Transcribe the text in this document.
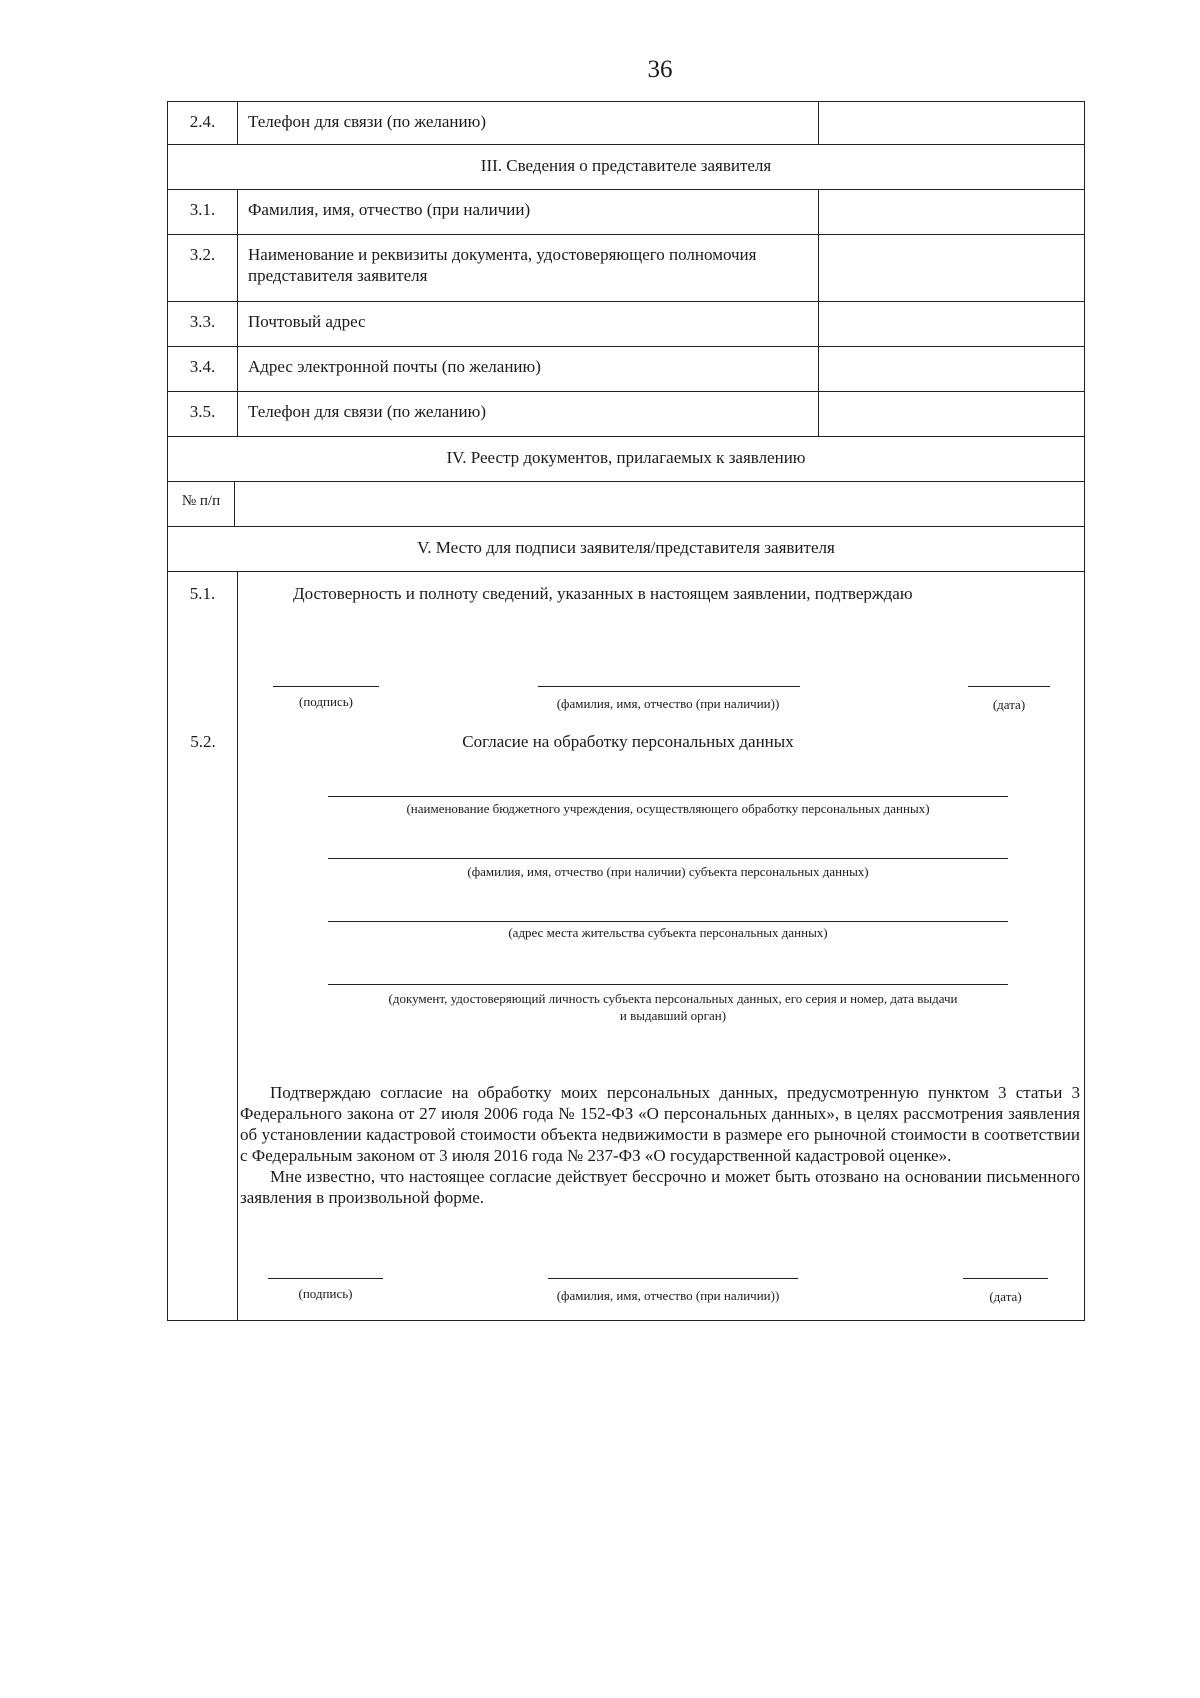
36
2.4.	Телефон для связи (по желанию)
III. Сведения о представителе заявителя
3.1.	Фамилия, имя, отчество (при наличии)
3.2.	Наименование и реквизиты документа, удостоверяющего полномочия представителя заявителя
3.3.	Почтовый адрес
3.4.	Адрес электронной почты (по желанию)
3.5.	Телефон для связи (по желанию)
IV. Реестр документов, прилагаемых к заявлению
№ п/п
V. Место для подписи заявителя/представителя заявителя
5.1.	Достоверность и полноту сведений, указанных в настоящем заявлении, подтверждаю
(подпись)	(фамилия, имя, отчество (при наличии))	(дата)
5.2.	Согласие на обработку персональных данных
(наименование бюджетного учреждения, осуществляющего обработку персональных данных)
(фамилия, имя, отчество (при наличии) субъекта персональных данных)
(адрес места жительства субъекта персональных данных)
(документ, удостоверяющий личность субъекта персональных данных, его серия и номер, дата выдачи
и выдавший орган)

Подтверждаю согласие на обработку моих персональных данных, предусмотренную пунктом 3 статьи 3 Федерального закона от 27 июля 2006 года № 152-ФЗ «О персональных данных», в целях рассмотрения заявления об установлении кадастровой стоимости объекта недвижимости в размере его рыночной стоимости в соответствии с Федеральным законом от 3 июля 2016 года № 237-ФЗ «О государственной кадастровой оценке».

Мне известно, что настоящее согласие действует бессрочно и может быть отозвано на основании письменного заявления в произвольной форме.

(подпись)	(фамилия, имя, отчество (при наличии))	(дата)
